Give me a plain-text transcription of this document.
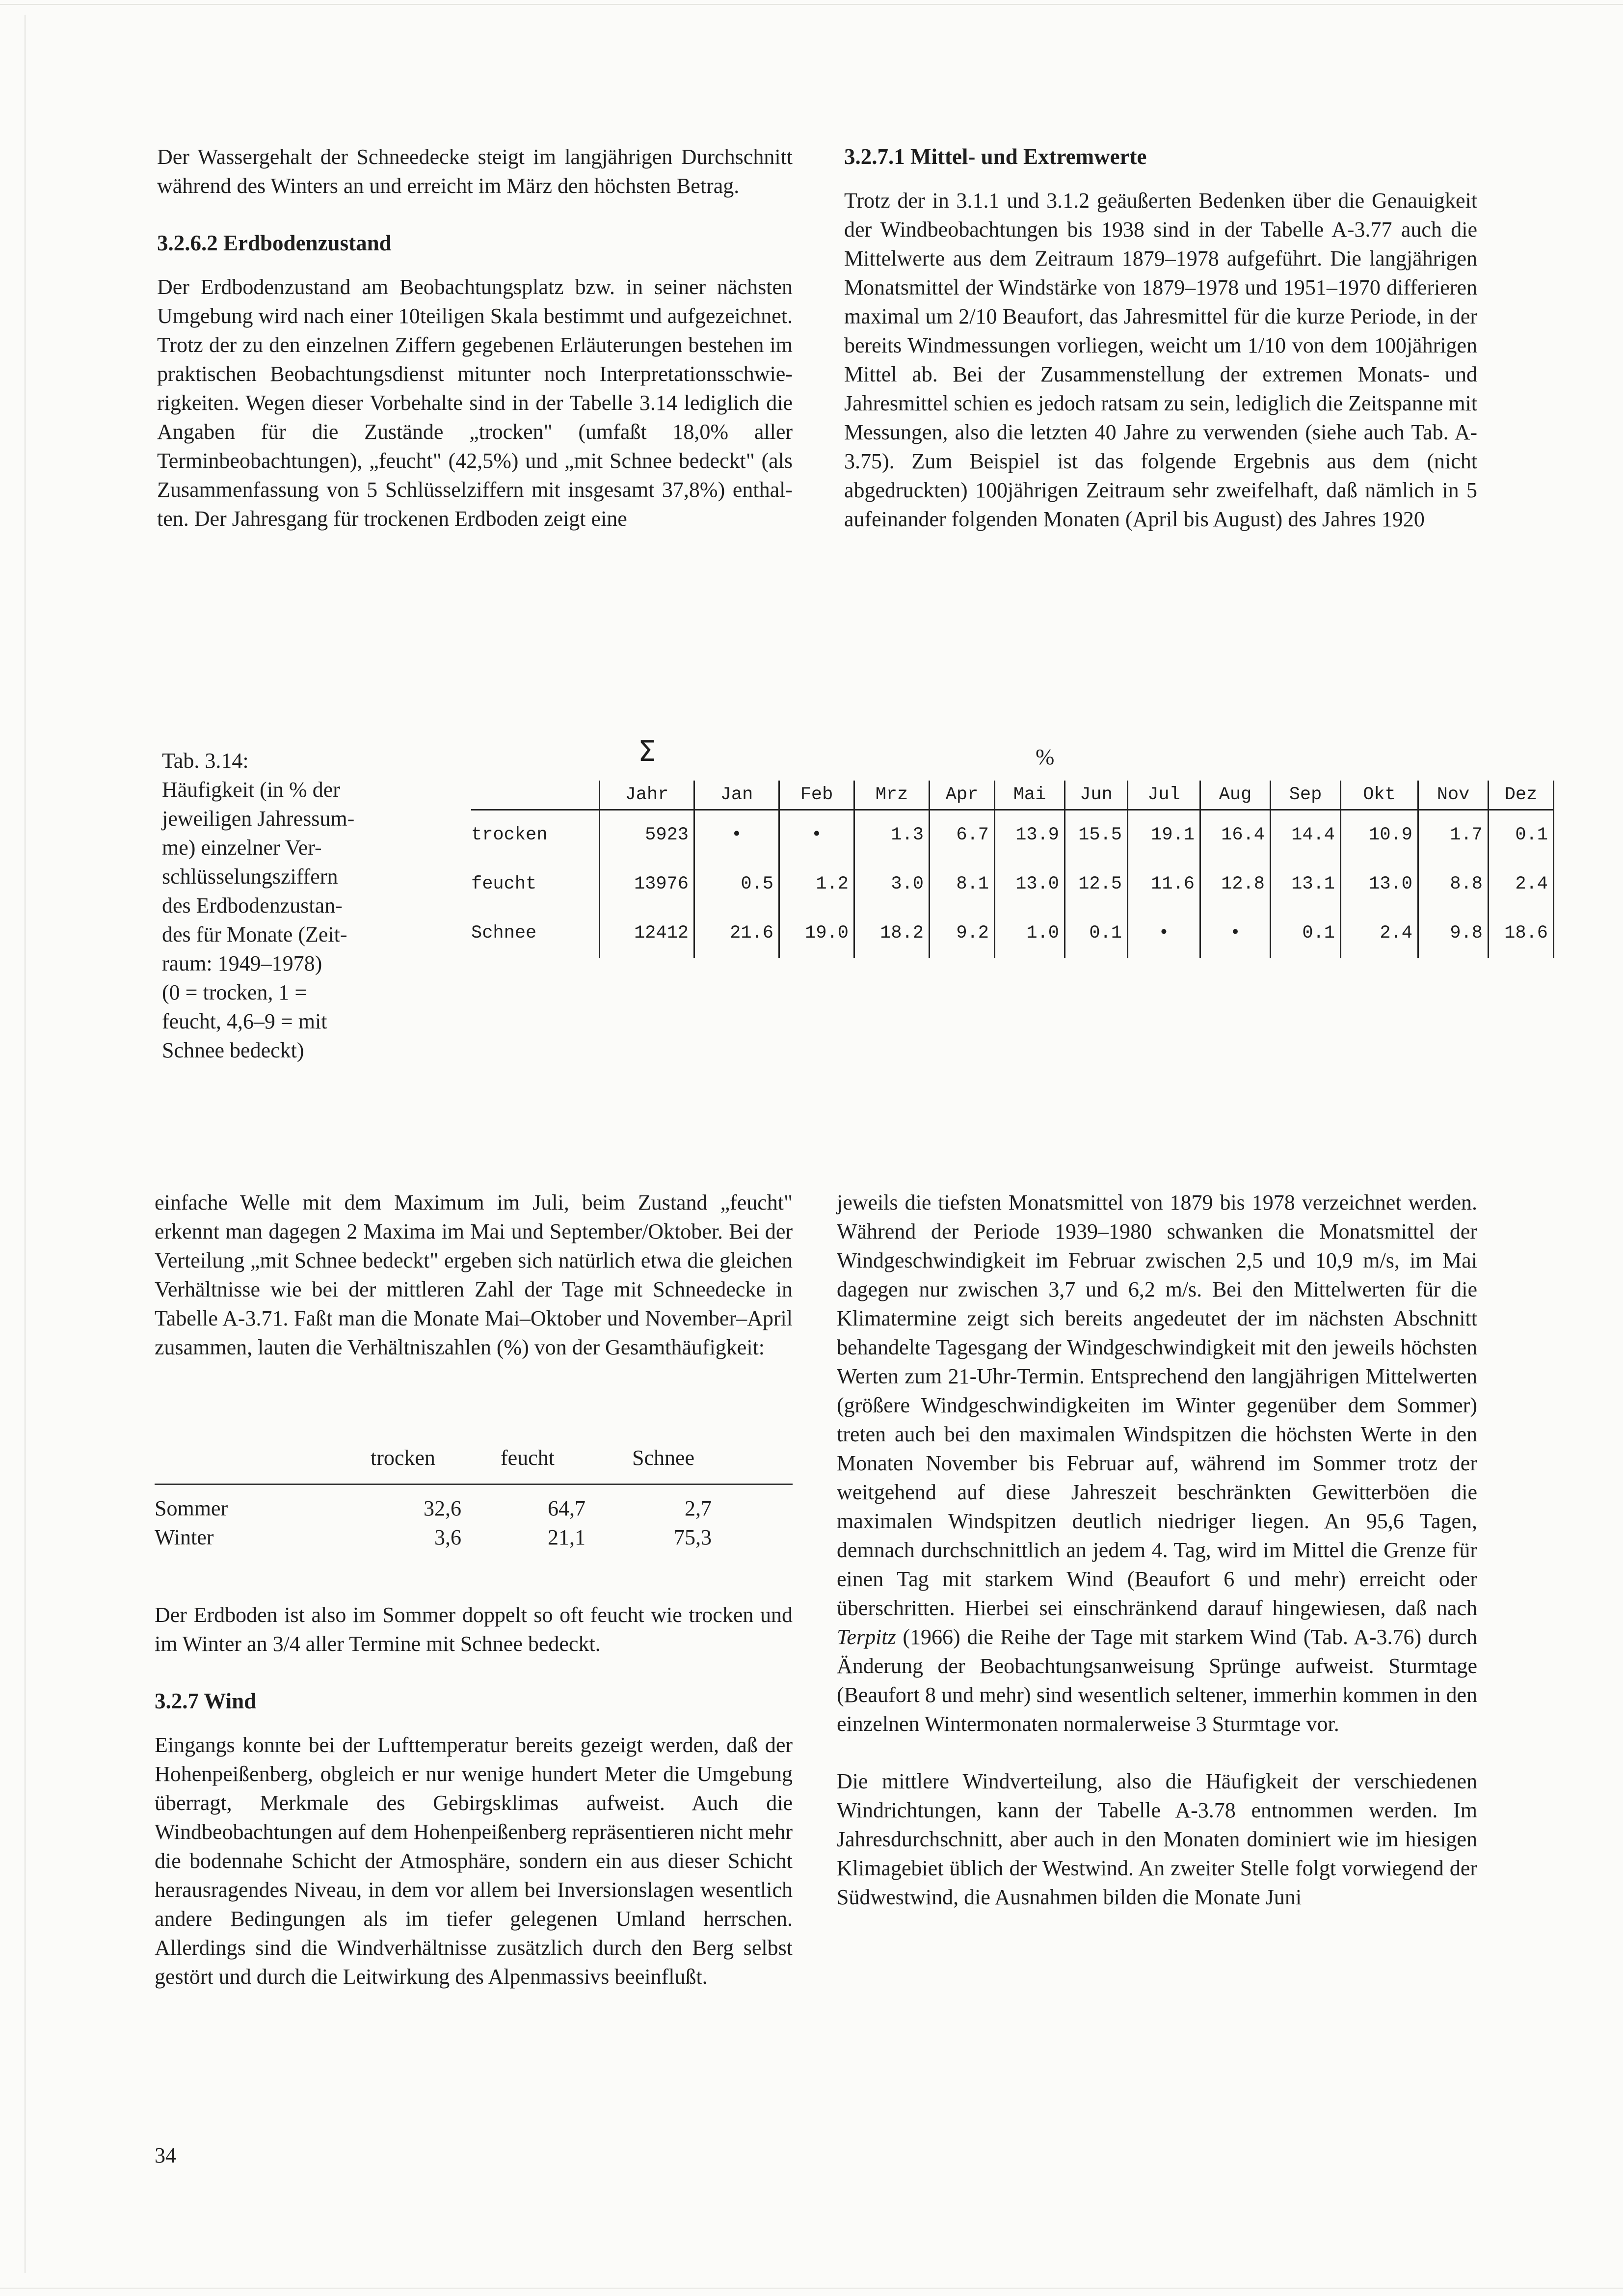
Der Wassergehalt der Schneedecke steigt im langjährigen Durchschnitt während des Winters an und erreicht im März den höchsten Betrag.

3.2.6.2 Erdbodenzustand

Der Erdbodenzustand am Beobachtungsplatz bzw. in seiner nächsten Umgebung wird nach einer 10teiligen Skala bestimmt und aufgezeichnet. Trotz der zu den einzelnen Ziffern gegebenen Erläuterungen bestehen im praktischen Beobachtungsdienst mitunter noch Interpretationsschwierigkeiten. Wegen dieser Vorbehalte sind in der Tabelle 3.14 lediglich die Angaben für die Zustände „trocken" (umfaßt 18,0% aller Terminbeobachtungen), „feucht" (42,5%) und „mit Schnee bedeckt" (als Zusammenfassung von 5 Schlüsselziffern mit insgesamt 37,8%) enthalten. Der Jahresgang für trockenen Erdboden zeigt eine

3.2.7.1 Mittel- und Extremwerte

Trotz der in 3.1.1 und 3.1.2 geäußerten Bedenken über die Genauigkeit der Windbeobachtungen bis 1938 sind in der Tabelle A-3.77 auch die Mittelwerte aus dem Zeitraum 1879–1978 aufgeführt. Die langjährigen Monatsmittel der Windstärke von 1879–1978 und 1951–1970 differieren maximal um 2/10 Beaufort, das Jahresmittel für die kurze Periode, in der bereits Windmessungen vorliegen, weicht um 1/10 von dem 100jährigen Mittel ab. Bei der Zusammenstellung der extremen Monats- und Jahresmittel schien es jedoch ratsam zu sein, lediglich die Zeitspanne mit Messungen, also die letzten 40 Jahre zu verwenden (siehe auch Tab. A-3.75). Zum Beispiel ist das folgende Ergebnis aus dem (nicht abgedruckten) 100jährigen Zeitraum sehr zweifelhaft, daß nämlich in 5 aufeinander folgenden Monaten (April bis August) des Jahres 1920

Tab. 3.14:
Häufigkeit (in % der
jeweiligen Jahressum-
me) einzelner Ver-
schlüsselungsziffern
des Erdbodenzustan-
des für Monate (Zeit-
raum: 1949–1978)
(0 = trocken, 1 =
feucht, 4,6–9 = mit
Schnee bedeckt)
Σ	%
	Jahr	Jan	Feb	Mrz	Apr	Mai	Jun	Jul	Aug	Sep	Okt	Nov	Dez
trocken	5923	•	•	1.3	6.7	13.9	15.5	19.1	16.4	14.4	10.9	1.7	0.1
feucht	13976	0.5	1.2	3.0	8.1	13.0	12.5	11.6	12.8	13.1	13.0	8.8	2.4
Schnee	12412	21.6	19.0	18.2	9.2	1.0	0.1	•	•	0.1	2.4	9.8	18.6

einfache Welle mit dem Maximum im Juli, beim Zustand „feucht" erkennt man dagegen 2 Maxima im Mai und September/Oktober. Bei der Verteilung „mit Schnee bedeckt" ergeben sich natürlich etwa die gleichen Verhältnisse wie bei der mittleren Zahl der Tage mit Schneedecke in Tabelle A-3.71. Faßt man die Monate Mai–Oktober und November–April zusammen, lauten die Verhältniszahlen (%) von der Gesamthäufigkeit:

	trocken	feucht	Schnee

Sommer	32,6	64,7	2,7
Winter	3,6	21,1	75,3

Der Erdboden ist also im Sommer doppelt so oft feucht wie trocken und im Winter an 3/4 aller Termine mit Schnee bedeckt.

3.2.7 Wind

Eingangs konnte bei der Lufttemperatur bereits gezeigt werden, daß der Hohenpeißenberg, obgleich er nur wenige hundert Meter die Umgebung überragt, Merkmale des Gebirgsklimas aufweist. Auch die Windbeobachtungen auf dem Hohenpeißenberg repräsentieren nicht mehr die bodennahe Schicht der Atmosphäre, sondern ein aus dieser Schicht herausragendes Niveau, in dem vor allem bei Inversionslagen wesentlich andere Bedingungen als im tiefer gelegenen Umland herrschen. Allerdings sind die Windverhältnisse zusätzlich durch den Berg selbst gestört und durch die Leitwirkung des Alpenmassivs beeinflußt.

jeweils die tiefsten Monatsmittel von 1879 bis 1978 verzeichnet werden. Während der Periode 1939–1980 schwanken die Monatsmittel der Windgeschwindigkeit im Februar zwischen 2,5 und 10,9 m/s, im Mai dagegen nur zwischen 3,7 und 6,2 m/s. Bei den Mittelwerten für die Klimatermine zeigt sich bereits angedeutet der im nächsten Abschnitt behandelte Tagesgang der Windgeschwindigkeit mit den jeweils höchsten Werten zum 21-Uhr-Termin. Entsprechend den langjährigen Mittelwerten (größere Windgeschwindigkeiten im Winter gegenüber dem Sommer) treten auch bei den maximalen Windspitzen die höchsten Werte in den Monaten November bis Februar auf, während im Sommer trotz der weitgehend auf diese Jahreszeit beschränkten Gewitterböen die maximalen Windspitzen deutlich niedriger liegen. An 95,6 Tagen, demnach durchschnittlich an jedem 4. Tag, wird im Mittel die Grenze für einen Tag mit starkem Wind (Beaufort 6 und mehr) erreicht oder überschritten. Hierbei sei einschränkend darauf hingewiesen, daß nach Terpitz (1966) die Reihe der Tage mit starkem Wind (Tab. A-3.76) durch Änderung der Beobachtungsanweisung Sprünge aufweist. Sturmtage (Beaufort 8 und mehr) sind wesentlich seltener, immerhin kommen in den einzelnen Wintermonaten normalerweise 3 Sturmtage vor.

Die mittlere Windverteilung, also die Häufigkeit der verschiedenen Windrichtungen, kann der Tabelle A-3.78 entnommen werden. Im Jahresdurchschnitt, aber auch in den Monaten dominiert wie im hiesigen Klimagebiet üblich der Westwind. An zweiter Stelle folgt vorwiegend der Südwestwind, die Ausnahmen bilden die Monate Juni

34
